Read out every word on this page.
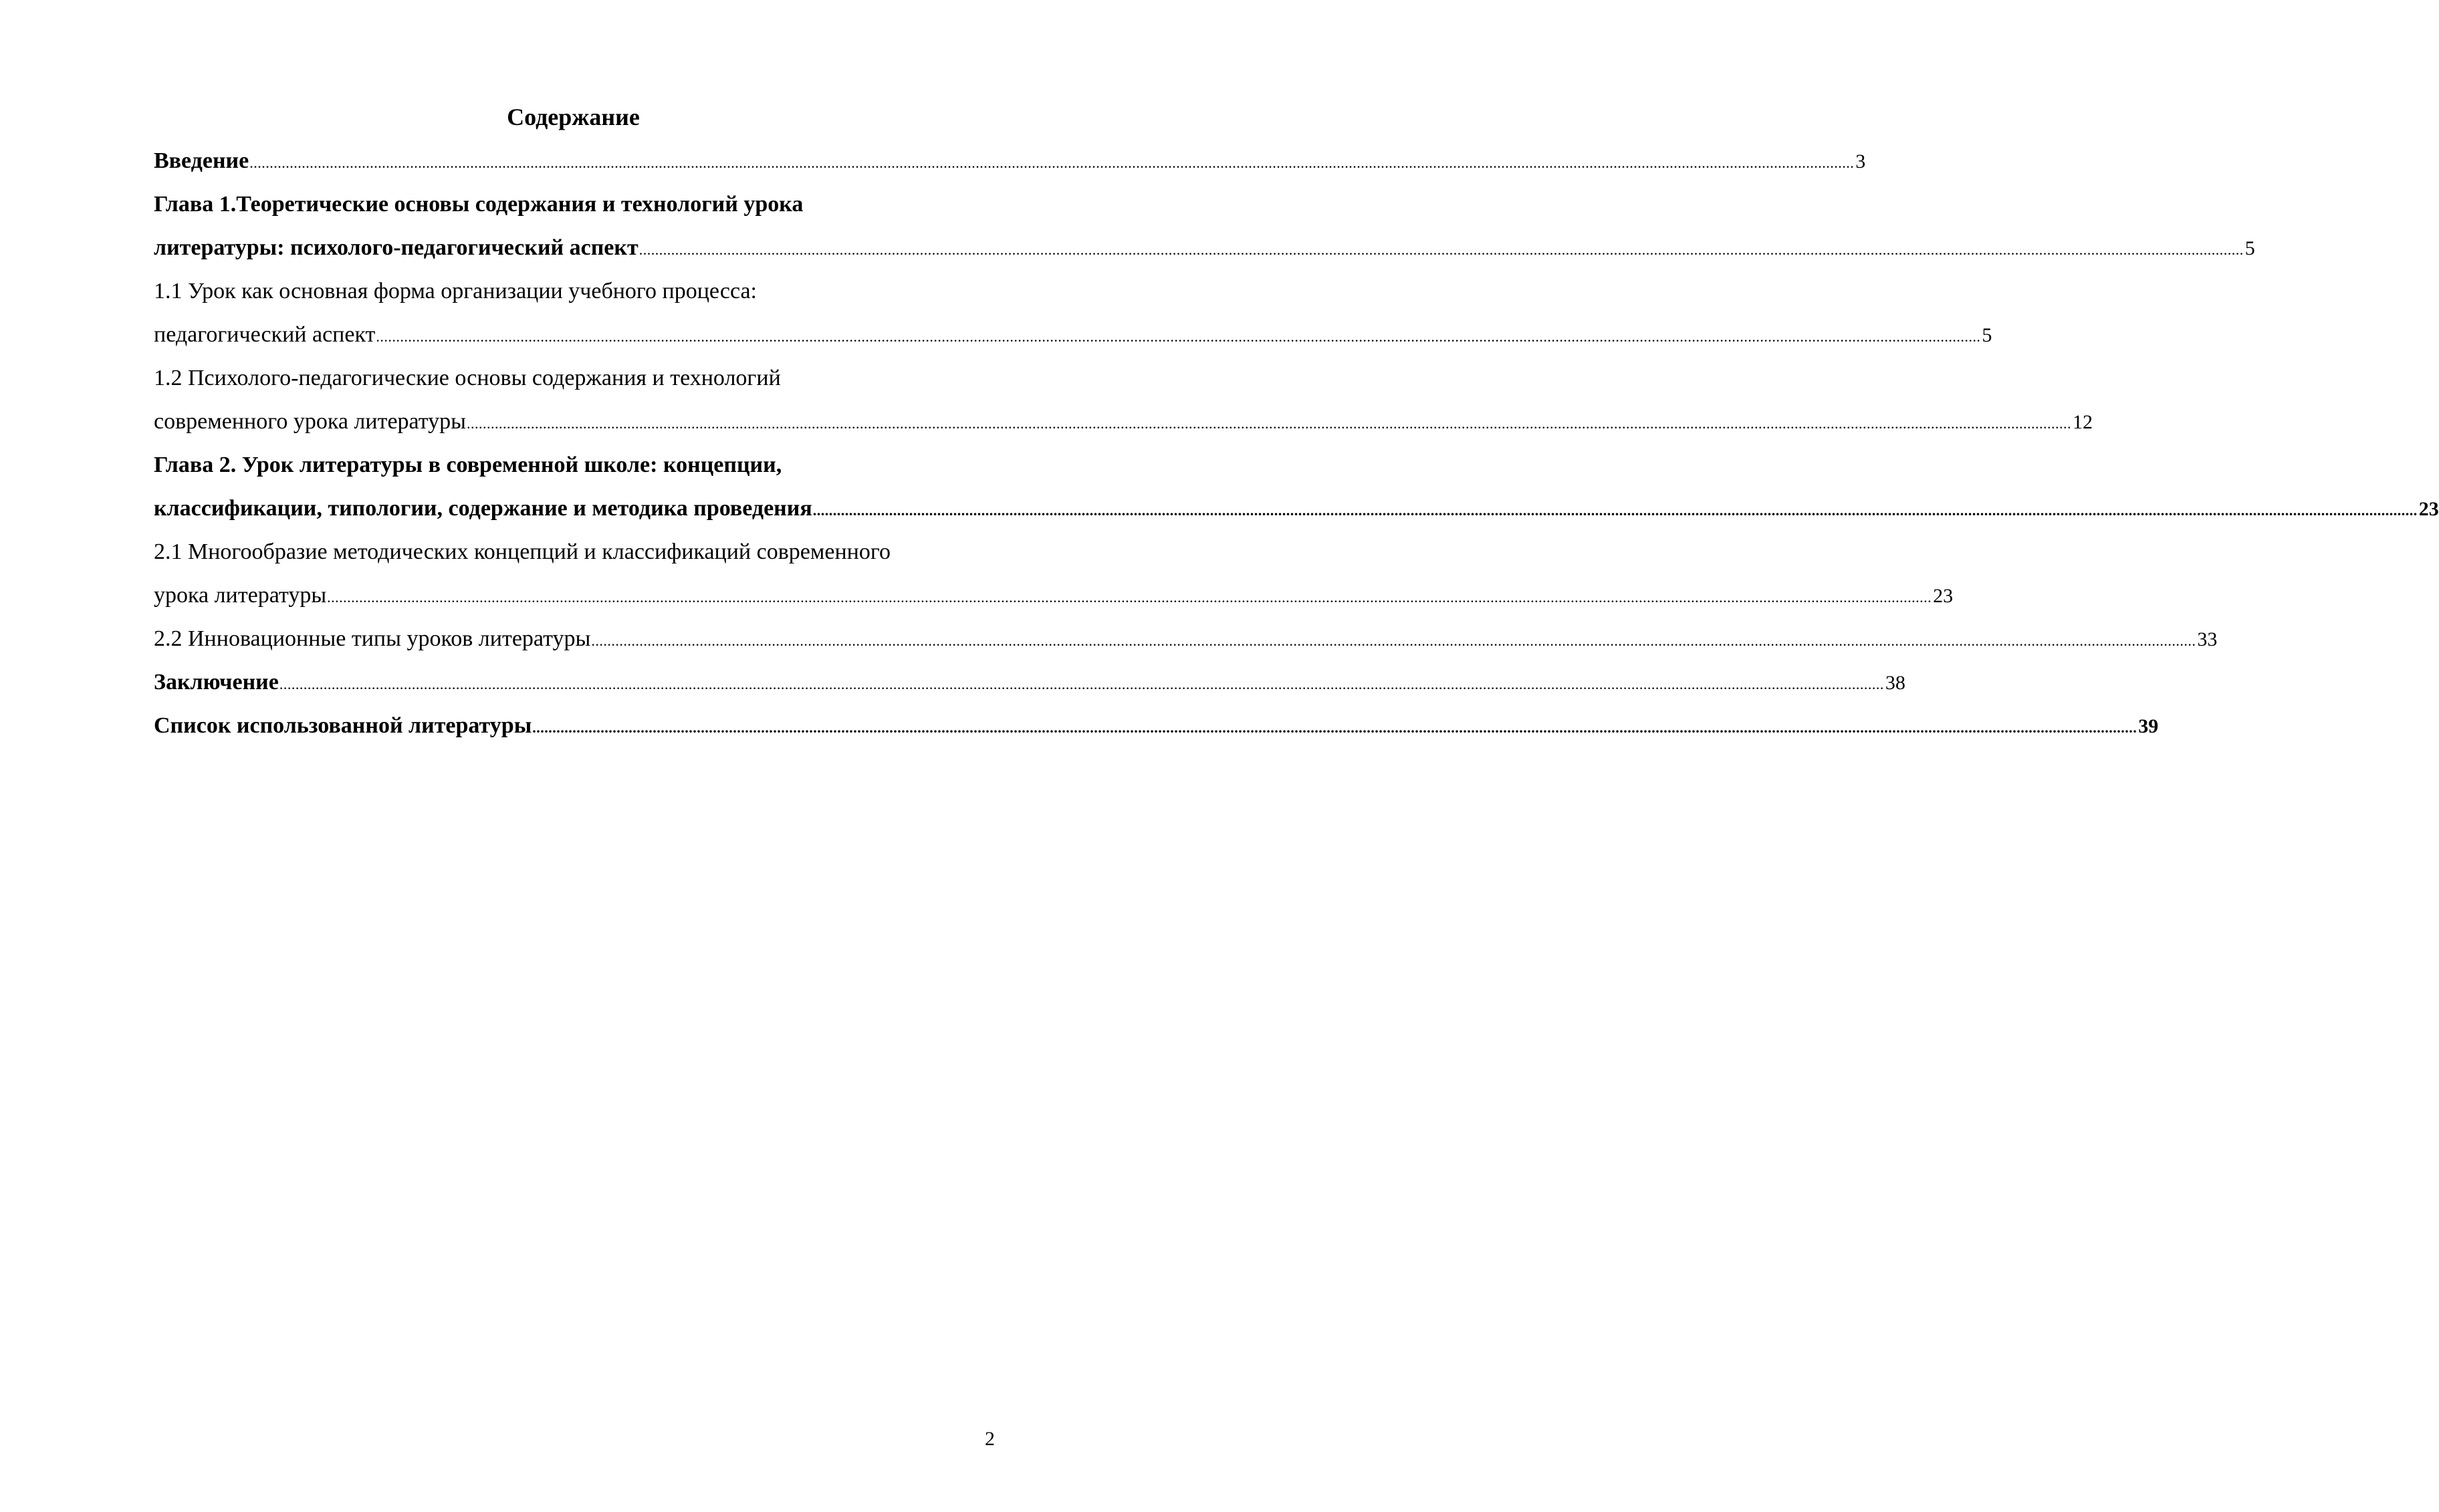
Содержание
Введение ................................................................................................................................................................................................................................................................................................................................................................................................................ 3
Глава 1.Теоретические основы содержания и технологий урока
литературы: психолого-педагогический аспект ................................................................................................................................................................................................................................................................................................................................................................................................................ 5
1.1 Урок как основная форма организации учебного процесса:
педагогический аспект ................................................................................................................................................................................................................................................................................................................................................................................................................ 5
1.2 Психолого-педагогические основы содержания и технологий
современного урока литературы ................................................................................................................................................................................................................................................................................................................................................................................................................ 12
Глава 2. Урок литературы в современной школе: концепции,
классификации, типологии, содержание и методика проведения ................................................................................................................................................................................................................................................................................................................................................................................................................ 23
2.1 Многообразие методических концепций и классификаций современного
урока литературы ................................................................................................................................................................................................................................................................................................................................................................................................................ 23
2.2 Инновационные типы уроков литературы ................................................................................................................................................................................................................................................................................................................................................................................................................ 33
Заключение ................................................................................................................................................................................................................................................................................................................................................................................................................ 38
Список использованной литературы ................................................................................................................................................................................................................................................................................................................................................................................................................ 39
2
